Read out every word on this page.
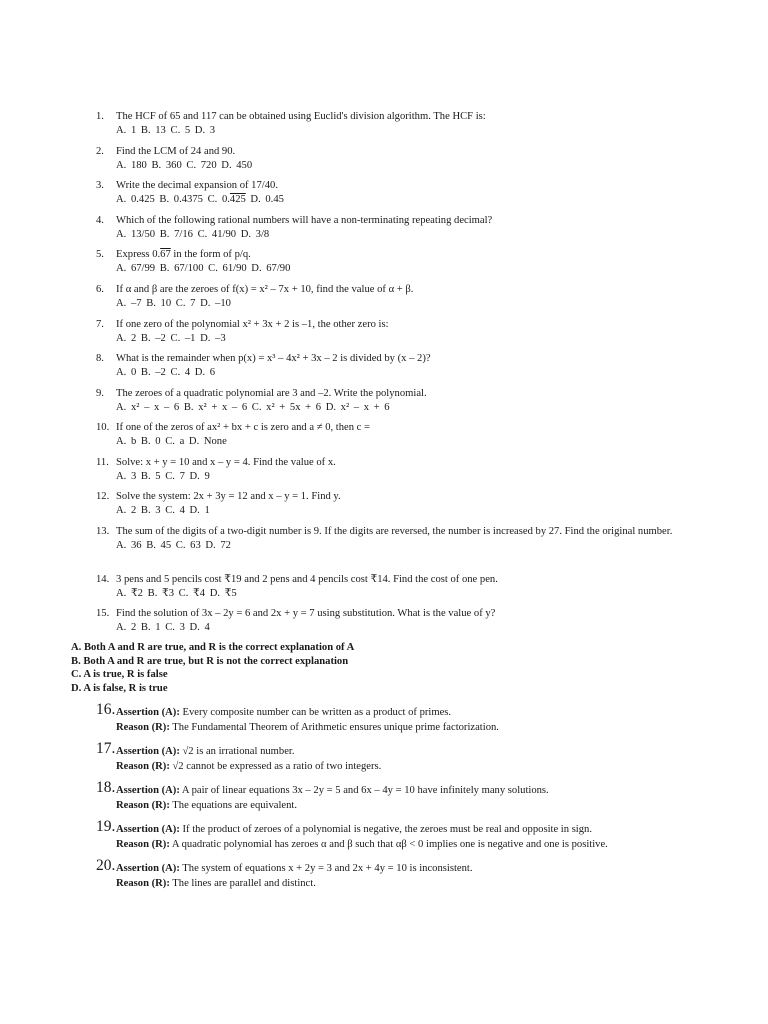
1.	The HCF of 65 and 117 can be obtained using Euclid's division algorithm. The HCF is:
A. 1 B. 13 C. 5 D. 3
2.	Find the LCM of 24 and 90.
A. 180 B. 360 C. 720 D. 450
3.	Write the decimal expansion of 17/40.
A. 0.425 B. 0.4375 C. 0.425 D. 0.45
4.	Which of the following rational numbers will have a non-terminating repeating decimal?
A. 13/50 B. 7/16 C. 41/90 D. 3/8
5.	Express 0.67 in the form of p/q.
A. 67/99 B. 67/100 C. 61/90 D. 67/90
6.	If α and β are the zeroes of f(x) = x² – 7x + 10, find the value of α + β.
A. –7 B. 10 C. 7 D. –10
7.	If one zero of the polynomial x² + 3x + 2 is –1, the other zero is:
A. 2 B. –2 C. –1 D. –3
8.	What is the remainder when p(x) = x³ – 4x² + 3x – 2 is divided by (x – 2)?
A. 0 B. –2 C. 4 D. 6
9.	The zeroes of a quadratic polynomial are 3 and –2. Write the polynomial.
A. x² – x – 6 B. x² + x – 6 C. x² + 5x + 6 D. x² – x + 6
10. If one of the zeros of ax² + bx + c is zero and a ≠ 0, then c =
A. b B. 0 C. a D. None
11. Solve: x + y = 10 and x – y = 4. Find the value of x.
A. 3 B. 5 C. 7 D. 9
12. Solve the system: 2x + 3y = 12 and x – y = 1. Find y.
A. 2 B. 3 C. 4 D. 1
13. The sum of the digits of a two-digit number is 9. If the digits are reversed, the number is increased by 27. Find the original number.
A. 36 B. 45 C. 63 D. 72
14. 3 pens and 5 pencils cost ₹19 and 2 pens and 4 pencils cost ₹14. Find the cost of one pen.
A. ₹2 B. ₹3 C. ₹4 D. ₹5
15. Find the solution of 3x – 2y = 6 and 2x + y = 7 using substitution. What is the value of y?
A. 2 B. 1 C. 3 D. 4
A. Both A and R are true, and R is the correct explanation of A
B. Both A and R are true, but R is not the correct explanation
C. A is true, R is false
D. A is false, R is true
16. Assertion (A): Every composite number can be written as a product of primes.
Reason (R): The Fundamental Theorem of Arithmetic ensures unique prime factorization.
17. Assertion (A): √2 is an irrational number.
Reason (R): √2 cannot be expressed as a ratio of two integers.
18. Assertion (A): A pair of linear equations 3x – 2y = 5 and 6x – 4y = 10 have infinitely many solutions.
Reason (R): The equations are equivalent.
19. Assertion (A): If the product of zeroes of a polynomial is negative, the zeroes must be real and opposite in sign.
Reason (R): A quadratic polynomial has zeroes α and β such that αβ < 0 implies one is negative and one is positive.
20. Assertion (A): The system of equations x + 2y = 3 and 2x + 4y = 10 is inconsistent.
Reason (R): The lines are parallel and distinct.
